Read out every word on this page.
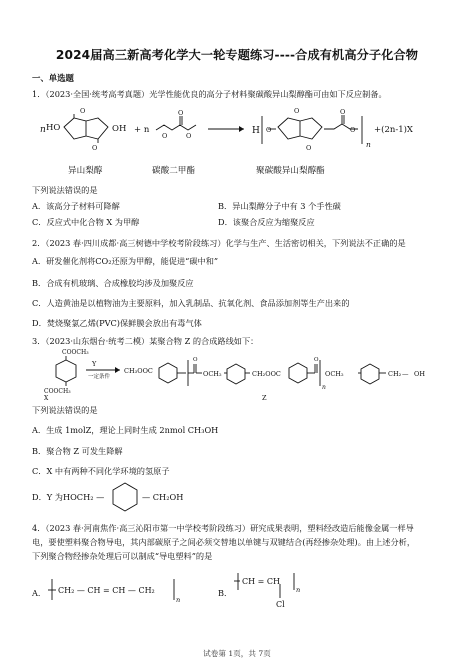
2024届高三新高考化学大一轮专题练习----合成有机高分子化合物
一、单选题
1．（2023·全国·统考高考真题）光学性能优良的高分子材料聚碳酸异山梨醇酯可由如下反应制备。
n HO
O
O
OH + n
O
O	O	H O
O
O
O
O
n
+(2n-1)X
异山梨醇	碳酸二甲酯	聚碳酸异山梨醇酯
下列说法错误的是
A．该高分子材料可降解	B．异山梨醇分子中有 3 个手性碳
C．反应式中化合物 X 为甲醇	D．该聚合反应为缩聚反应
2．（2023 春·四川成都·高三树德中学校考阶段练习）化学与生产、生活密切相关，下列说法不正确的是
A．研发催化剂将CO₂还原为甲醇，能促进“碳中和”
B．合成有机玻璃、合成橡胶均涉及加聚反应
C．人造黄油是以植物油为主要原料，加入乳制品、抗氧化剂、食品添加剂等生产出来的
D．焚烧聚氯乙烯(PVC)保鲜膜会放出有毒气体
3．（2023·山东烟台·统考二模）某聚合物 Z 的合成路线如下：
COOCH₃
COOCH₃
X
Y
一定条件
CH₃OOC
O	O
OCH₂	CH₂OOC	OCH₂
n
CH₂ — OH
Z
下列说法错误的是
A．生成 1molZ，理论上同时生成 2nmol CH₃OH
B．聚合物 Z 可发生降解
C．X 中有两种不同化学环境的氢原子
D．Y 为HOCH₂ —	— CH₂OH
4．（2023 春·河南焦作·高三沁阳市第一中学校考阶段练习）研究成果表明，塑料经改造后能像金属一样导
电，要使塑料聚合物导电，其内部碳原子之间必须交替地以单键与双键结合(再经掺杂处理)。由上述分析，
下列聚合物经掺杂处理后可以制成“导电塑料”的是
A． CH₂ — CH = CH — CH₂
n
B．
CH = CH
n
Cl
试卷第 1页，共 7页
